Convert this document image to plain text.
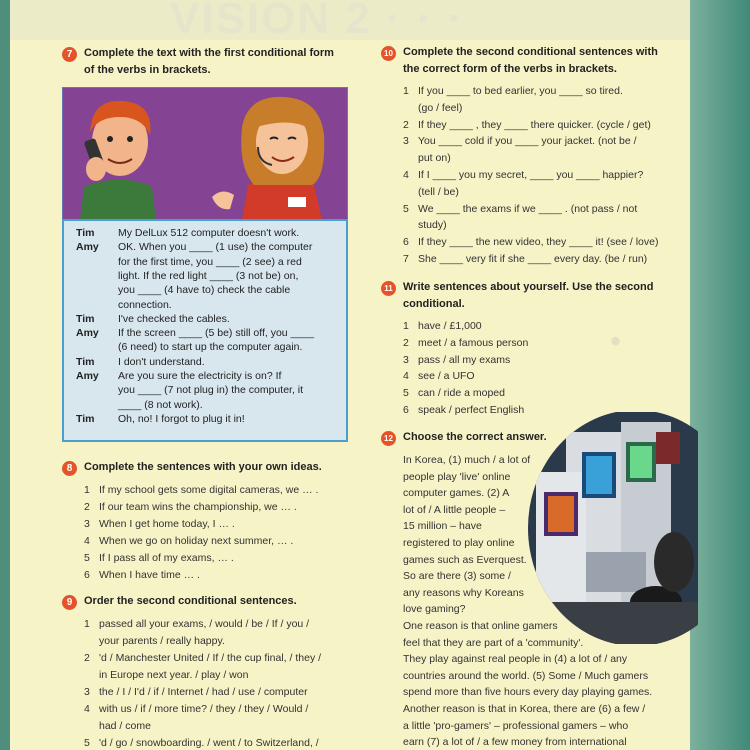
VISION 2 · · ·
7	Complete the text with the first conditional form
of the verbs in brackets.
Tim My DelLux 512 computer doesn't work.
Amy OK. When you ____ (1 use) the computer
for the first time, you ____ (2 see) a red
light. If the red light ____ (3 not be) on,
you ____ (4 have to) check the cable
connection.
Tim I've checked the cables.
Amy If the screen ____ (5 be) still off, you ____
(6 need) to start up the computer again.
Tim I don't understand.
Amy Are you sure the electricity is on? If
you ____ (7 not plug in) the computer, it
____ (8 not work).
Tim Oh, no! I forgot to plug it in!
8	Complete the sentences with your own ideas.
1 If my school gets some digital cameras, we … .
2 If our team wins the championship, we … .
3 When I get home today, I … .
4 When we go on holiday next summer, … .
5 If I pass all of my exams, … .
6 When I have time … .
9	Order the second conditional sentences.
1 passed all your exams, / would / be / If / you /
your parents / really happy.
2 'd / Manchester United / If / the cup final, / they /
in Europe next year. / play / won
3 the / I / I'd / if / Internet / had / use / computer
4 with us / if / more time? / they / they / Would /
had / come
5 'd / go / snowboarding. / went / to Switzerland, /
10 Complete the second conditional sentences with
the correct form of the verbs in brackets.
1 If you ____ to bed earlier, you ____ so tired.
(go / feel)
2 If they ____ , they ____ there quicker. (cycle / get)
3 You ____ cold if you ____ your jacket. (not be /
put on)
4 If I ____ you my secret, ____ you ____ happier?
(tell / be)
5 We ____ the exams if we ____ . (not pass / not
study)
6 If they ____ the new video, they ____ it! (see / love)
7 She ____ very fit if she ____ every day. (be / run)
11 Write sentences about yourself. Use the second
conditional.
1 have / £1,000
2 meet / a famous person
3 pass / all my exams
4 see / a UFO
5 can / ride a moped
6 speak / perfect English
•
12 Choose the correct answer.
In Korea, (1) much / a lot of
people play 'live' online
computer games. (2) A
lot of / A little people –
15 million – have
registered to play online
games such as Everquest.
So are there (3) some /
any reasons why Koreans
love gaming?
One reason is that online gamers
feel that they are part of a 'community'.
They play against real people in (4) a lot of / any
countries around the world. (5) Some / Much gamers
spend more than five hours every day playing games.
Another reason is that in Korea, there are (6) a few /
a little 'pro-gamers' – professional gamers – who
earn (7) a lot of / a few money from international
